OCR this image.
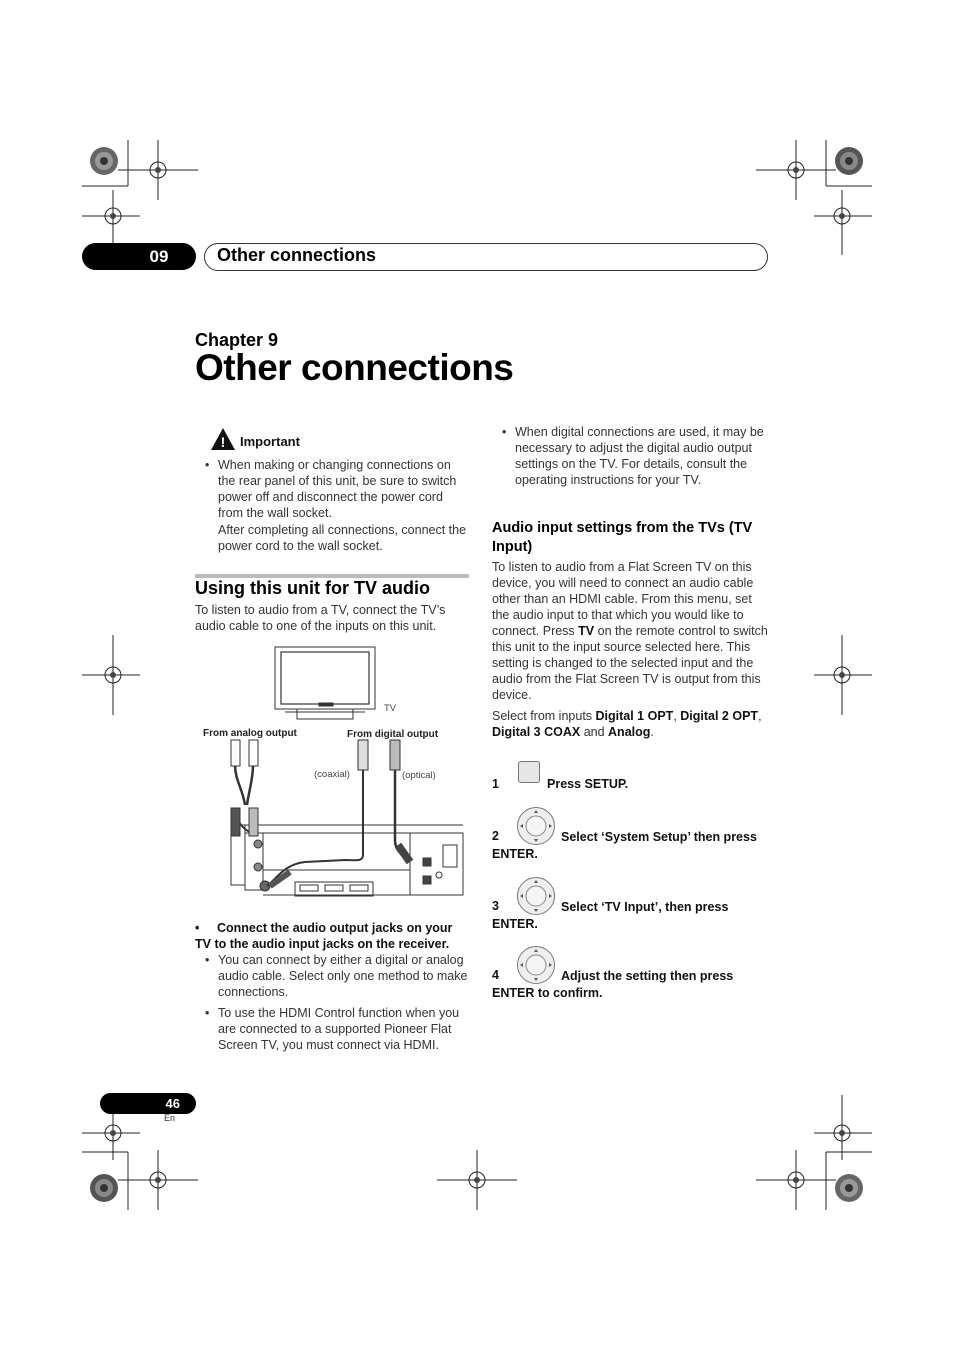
09	Other connections
Chapter 9
Other connections
! Important
• When making or changing connections on the rear panel of this unit, be sure to switch power off and disconnect the power cord from the wall socket.
After completing all connections, connect the power cord to the wall socket.
Using this unit for TV audio
To listen to audio from a TV, connect the TV’s audio cable to one of the inputs on this unit.
TV
From analog output	From digital output
(coaxial)	(optical)
•	Connect the audio output jacks on your TV to the audio input jacks on the receiver.
• You can connect by either a digital or analog audio cable. Select only one method to make connections.
• To use the HDMI Control function when you are connected to a supported Pioneer Flat Screen TV, you must connect via HDMI.
• When digital connections are used, it may be necessary to adjust the digital audio output settings on the TV. For details, consult the operating instructions for your TV.
Audio input settings from the TVs (TV Input)
To listen to audio from a Flat Screen TV on this device, you will need to connect an audio cable other than an HDMI cable. From this menu, set the audio input to that which you would like to connect. Press TV on the remote control to switch this unit to the input source selected here. This setting is changed to the selected input and the audio from the Flat Screen TV is output from this device.
Select from inputs Digital 1 OPT, Digital 2 OPT, Digital 3 COAX and Analog.
1	Press SETUP.
2	Select ‘System Setup’ then press ENTER.
3	Select ‘TV Input’, then press ENTER.
4	Adjust the setting then press ENTER to confirm.
46
En
